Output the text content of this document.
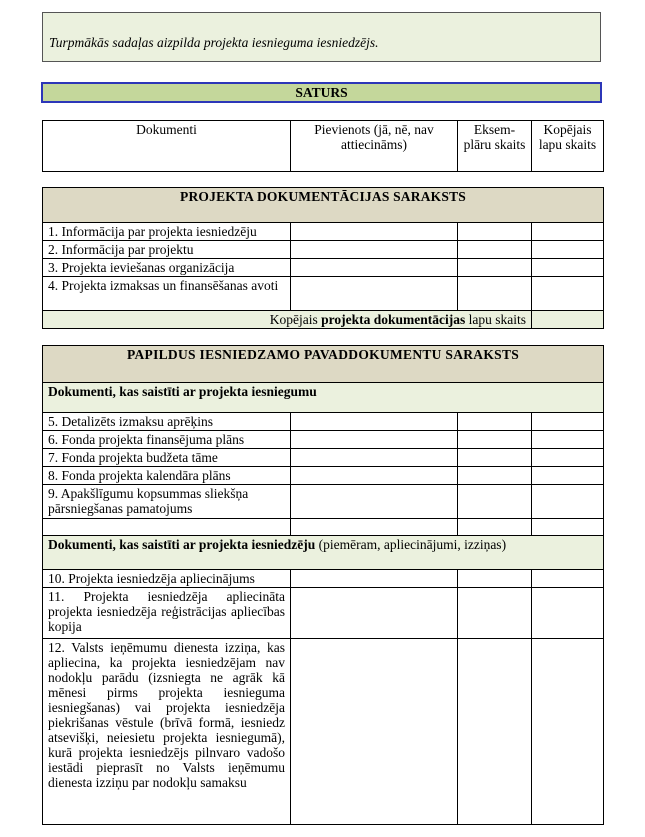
Turpmākās sadaļas aizpilda projekta iesnieguma iesniedzējs.
SATURS
Dokumenti	Pievienots (jā, nē, nav attiecināms)	Eksem-plāru skaits	Kopējais lapu skaits
PROJEKTA DOKUMENTĀCIJAS SARAKSTS			
1. Informācija par projekta iesniedzēju			
2. Informācija par projektu			
3. Projekta ieviešanas organizācija			
4. Projekta izmaksas un finansēšanas avoti			
Kopējais projekta dokumentācijas lapu skaits			
PAPILDUS IESNIEDZAMO PAVADDOKUMENTU SARAKSTS			
Dokumenti, kas saistīti ar projekta iesniegumu			
5. Detalizēts izmaksu aprēķins			
6. Fonda projekta finansējuma plāns			
7. Fonda projekta budžeta tāme			
8. Fonda projekta kalendāra plāns			
9. Apakšlīgumu kopsummas sliekšņa pārsniegšanas pamatojums			

Dokumenti, kas saistīti ar projekta iesniedzēju (piemēram, apliecinājumi, izziņas)			
10. Projekta iesniedzēja apliecinājums			
11. Projekta iesniedzēja apliecināta projekta iesniedzēja reģistrācijas apliecības kopija			
12. Valsts ieņēmumu dienesta izziņa, kas apliecina, ka projekta iesniedzējam nav nodokļu parādu (izsniegta ne agrāk kā mēnesi pirms projekta iesnieguma iesniegšanas) vai projekta iesniedzēja piekrišanas vēstule (brīvā formā, iesniedz atsevišķi, neiesietu projekta iesniegumā), kurā projekta iesniedzējs pilnvaro vadošo iestādi pieprasīt no Valsts ieņēmumu dienesta izziņu par nodokļu samaksu			
